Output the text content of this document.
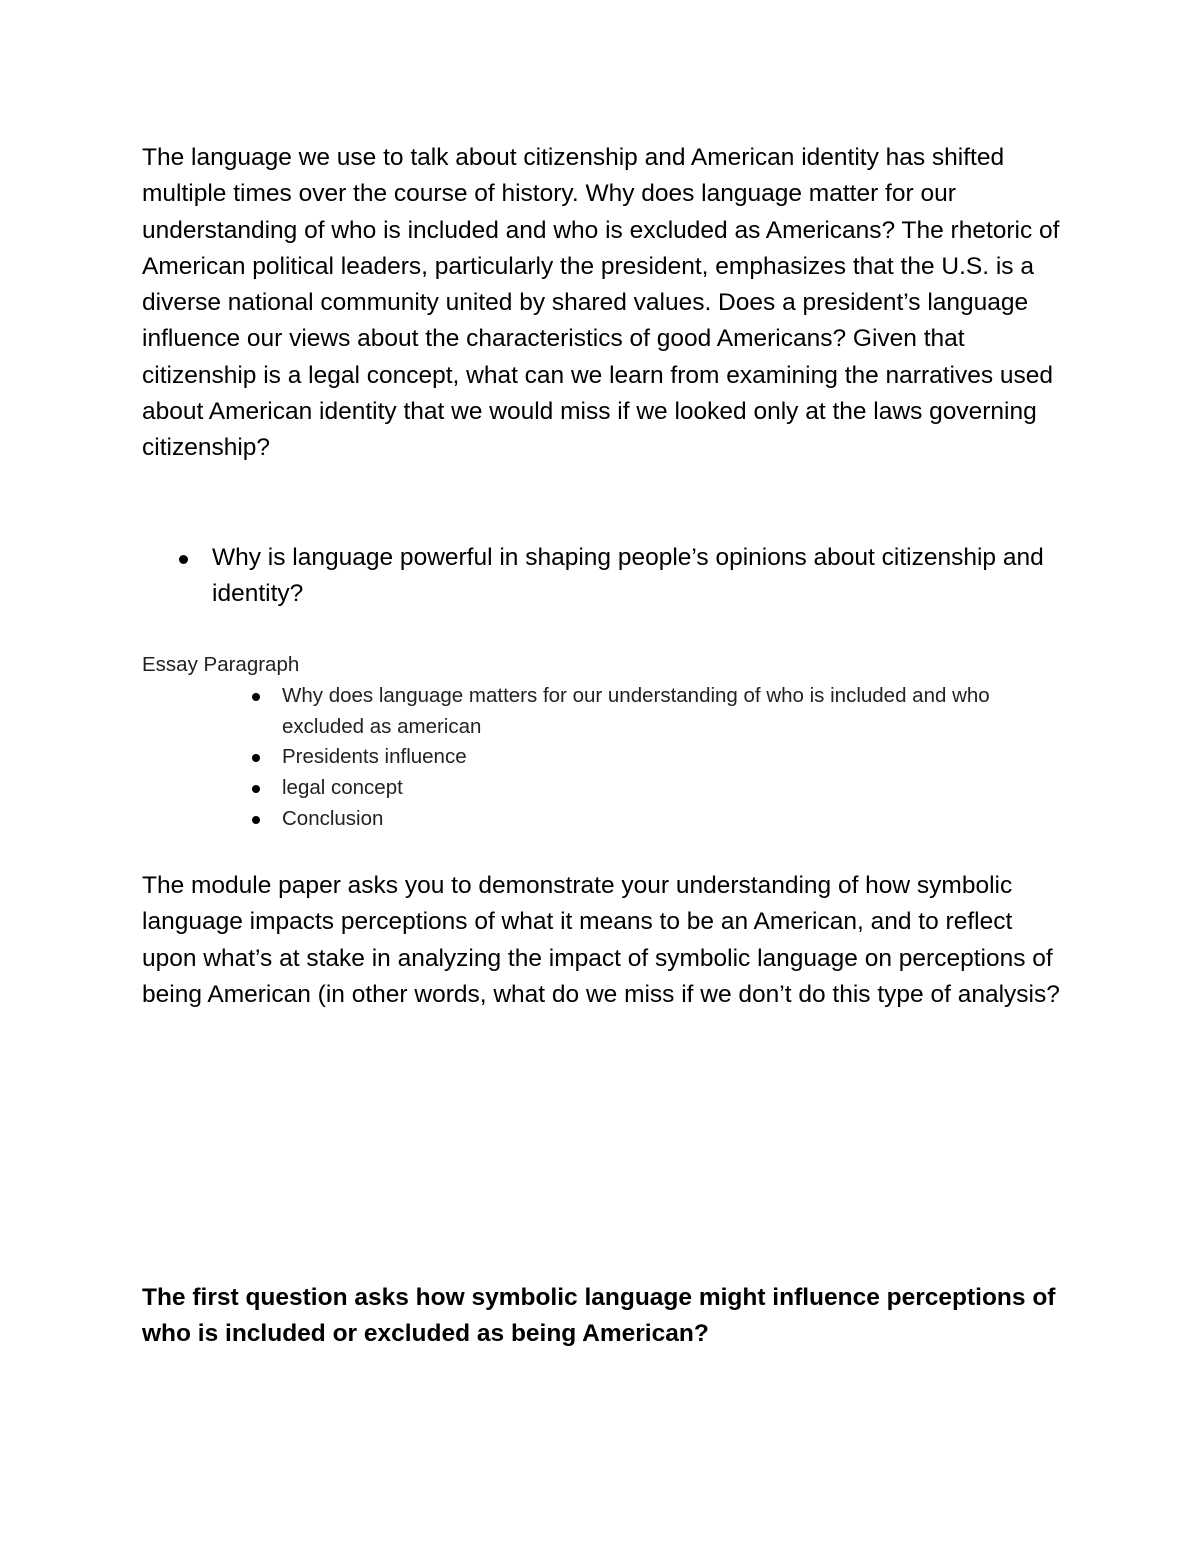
The language we use to talk about citizenship and American identity has shifted multiple times over the course of history. Why does language matter for our understanding of who is included and who is excluded as Americans? The rhetoric of American political leaders, particularly the president, emphasizes that the U.S. is a diverse national community united by shared values. Does a president’s language influence our views about the characteristics of good Americans? Given that citizenship is a legal concept, what can we learn from examining the narratives used about American identity that we would miss if we looked only at the laws governing citizenship?

Why is language powerful in shaping people’s opinions about citizenship and identity?

Essay Paragraph

Why does language matters for our understanding of who is included and who excluded as american
Presidents influence
legal concept
Conclusion

The module paper asks you to demonstrate your understanding of how symbolic language impacts perceptions of what it means to be an American, and to reflect upon what’s at stake in analyzing the impact of symbolic language on perceptions of being American (in other words, what do we miss if we don’t do this type of analysis?

The first question asks how symbolic language might influence perceptions of who is included or excluded as being American?
